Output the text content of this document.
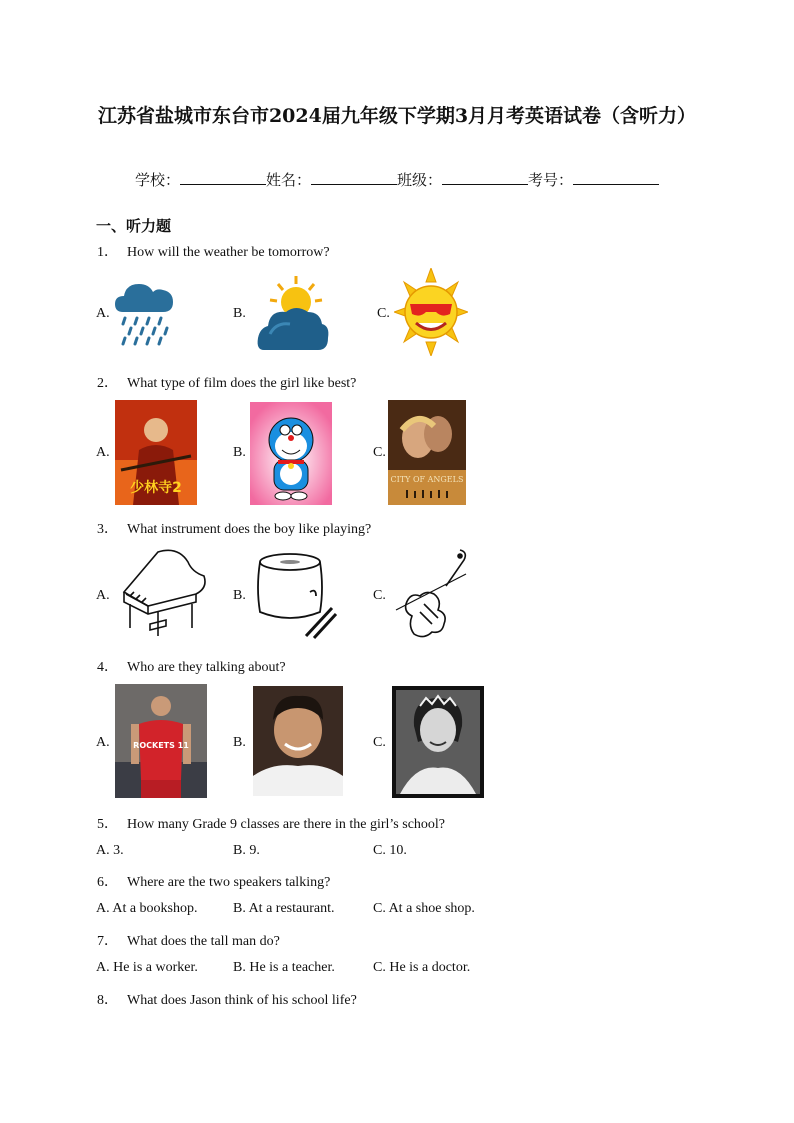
江苏省盐城市东台市2024届九年级下学期3月月考英语试卷（含听力）
学校：	姓名：	班级：	考号：
一、听力题
1． How will the weather be tomorrow?
A.	B.	C.
2． What type of film does the girl like best?
A.
少林寺2
B.	C.
CITY OF ANGELS
3． What instrument does the boy like playing?
A.	B.	C.
4． Who are they talking about?
A.	ROCKETS 11	B.	C.
5． How many Grade 9 classes are there in the girl’s school?
A. 3.	B. 9.	C. 10.
6． Where are the two speakers talking?
A. At a bookshop.	B. At a restaurant.	C. At a shoe shop.
7． What does the tall man do?
A. He is a worker.	B. He is a teacher.	C. He is a doctor.
8． What does Jason think of his school life?
